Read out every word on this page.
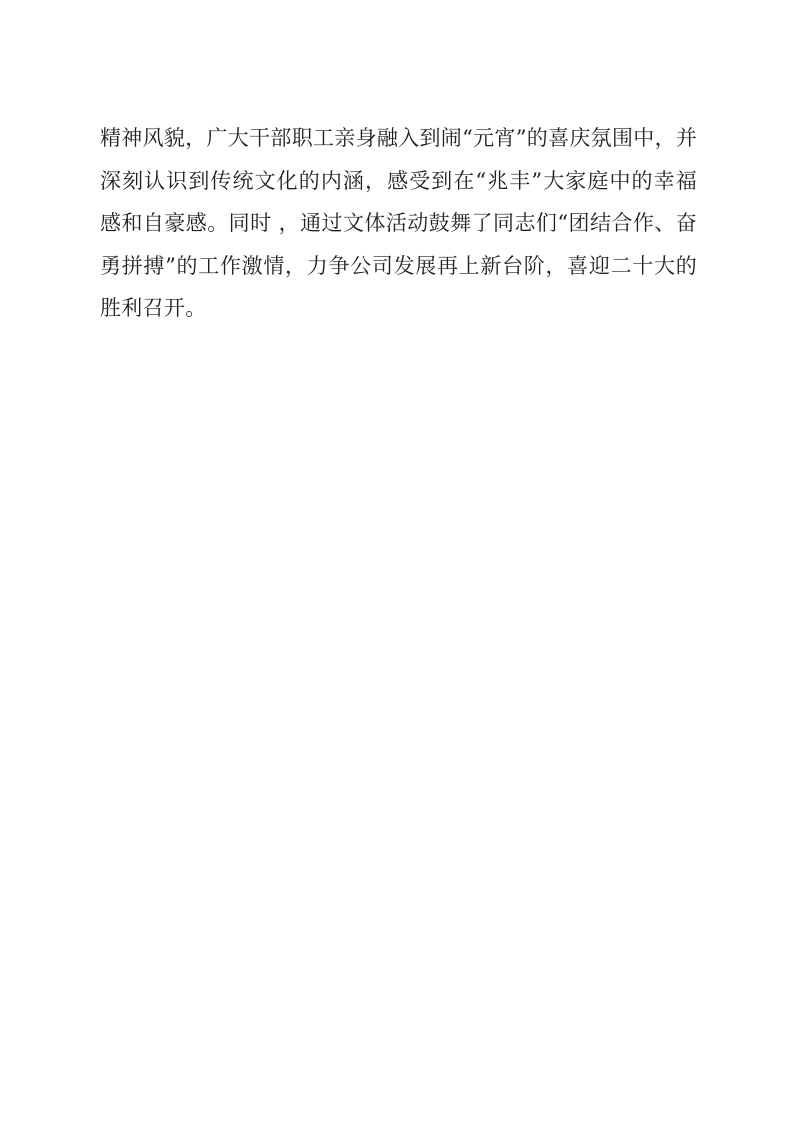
精神风貌，广大干部职工亲身融入到闹“元宵”的喜庆氛围中，并
深刻认识到传统文化的内涵，感受到在“兆丰”大家庭中的幸福
感和自豪感。同时 ，通过文体活动鼓舞了同志们“团结合作、奋
勇拼搏”的工作激情，力争公司发展再上新台阶，喜迎二十大的
胜利召开。
